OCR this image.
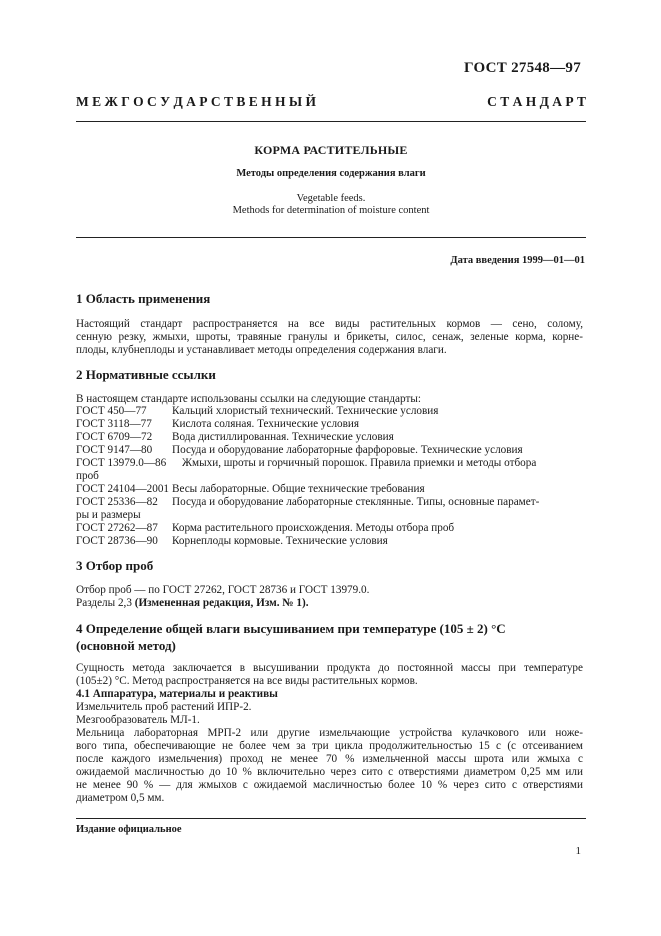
ГОСТ 27548—97
М Е Ж Г О С У Д А Р С Т В Е Н Н Ы Й	С Т А Н Д А Р Т
КОРМА РАСТИТЕЛЬНЫЕ
Методы определения содержания влаги
Vegetable feeds.
Methods for determination of moisture content
Дата введения 1999—01—01
1 Область применения
Настоящий стандарт распространяется на все виды растительных кормов — сено, солому,
сенную резку, жмыхи, шроты, травяные гранулы и брикеты, силос, сенаж, зеленые корма, корне-
плоды, клубнеплоды и устанавливает методы определения содержания влаги.
2 Нормативные ссылки
В настоящем стандарте использованы ссылки на следующие стандарты:
ГОСТ 450—77	Кальций хлористый технический. Технические условия
ГОСТ 3118—77	Кислота соляная. Технические условия
ГОСТ 6709—72	Вода дистиллированная. Технические условия
ГОСТ 9147—80	Посуда и оборудование лабораторные фарфоровые. Технические условия
ГОСТ 13979.0—86	Жмыхи, шроты и горчичный порошок. Правила приемки и методы отбора
проб
ГОСТ 24104—2001 Весы лабораторные. Общие технические требования
ГОСТ 25336—82	Посуда и оборудование лабораторные стеклянные. Типы, основные парамет-
ры и размеры
ГОСТ 27262—87	Корма растительного происхождения. Методы отбора проб
ГОСТ 28736—90	Корнеплоды кормовые. Технические условия
3 Отбор проб
Отбор проб — по ГОСТ 27262, ГОСТ 28736 и ГОСТ 13979.0.
Разделы 2,3 (Измененная редакция, Изм. № 1).
4 Определение общей влаги высушиванием при температуре (105 ± 2) °С
(основной метод)
Сущность метода заключается в высушивании продукта до постоянной массы при температуре
(105±2) °С. Метод распространяется на все виды растительных кормов.
4.1 Аппаратура, материалы и реактивы
Измельчитель проб растений ИПР-2.
Мезгообразователь МЛ-1.
Мельница лабораторная МРП-2 или другие измельчающие устройства кулачкового или ноже-
вого типа, обеспечивающие не более чем за три цикла продолжительностью 15 с (с отсеиванием
после каждого измельчения) проход не менее 70 % измельченной массы шрота или жмыха с
ожидаемой масличностью до 10 % включительно через сито с отверстиями диаметром 0,25 мм или
не менее 90 % — для жмыхов с ожидаемой масличностью более 10 % через сито с отверстиями
диаметром 0,5 мм.
Издание официальное
1
